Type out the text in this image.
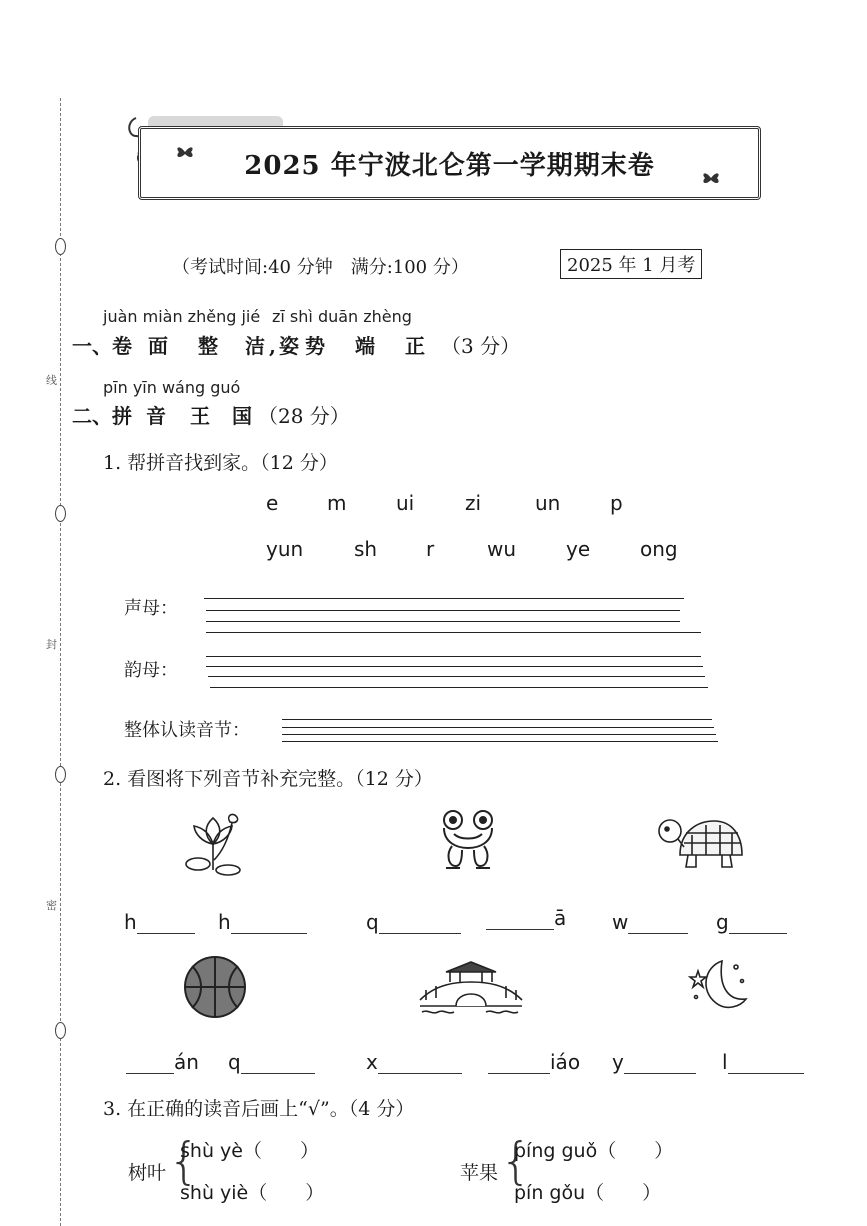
线
封
密
2025 年宁波北仑第一学期期末卷
（考试时间:40 分钟　满分:100 分）	2025 年 1 月考
juàn miàn zhěng jié zī shì duān zhèng
一、卷 面 整 洁 , 姿 势 端 正 （3 分）
pīn yīn wáng guó
二、拼 音 王 国 （28 分）
1. 帮拼音找到家。（12 分）
e m ui	zi	un p
yun	sh r	wu ye ong
声母：
韵母：
整体认读音节：
2. 看图将下列音节补充完整。（12 分）
h	h	q	ā w	g
án q	x	iáo y	l
3. 在正确的读音后画上“√”。（4 分）
树叶 {
shù yè（　　）
shù yiè（　　）
苹果 {
píng guǒ（　　）
pín gǒu（　　）
